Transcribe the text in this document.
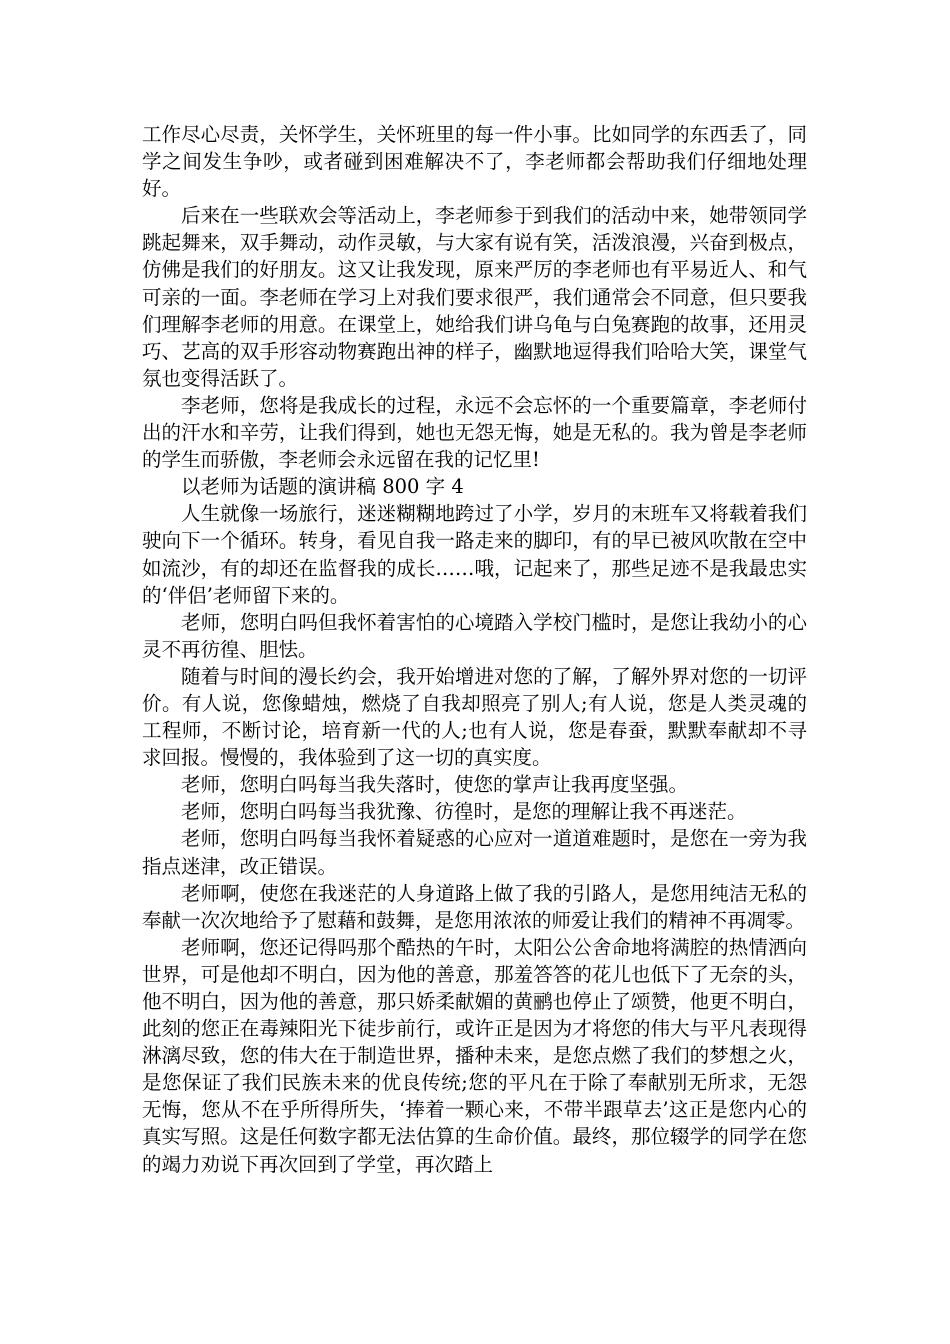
工作尽心尽责，关怀学生，关怀班里的每一件小事。比如同学的东西丢了，同学之间发生争吵，或者碰到困难解决不了，李老师都会帮助我们仔细地处理好。

后来在一些联欢会等活动上，李老师参于到我们的活动中来，她带领同学跳起舞来，双手舞动，动作灵敏，与大家有说有笑，活泼浪漫，兴奋到极点，仿佛是我们的好朋友。这又让我发现，原来严厉的李老师也有平易近人、和气可亲的一面。李老师在学习上对我们要求很严，我们通常会不同意，但只要我们理解李老师的用意。在课堂上，她给我们讲乌龟与白兔赛跑的故事，还用灵巧、艺高的双手形容动物赛跑出神的样子，幽默地逗得我们哈哈大笑，课堂气氛也变得活跃了。

李老师，您将是我成长的过程，永远不会忘怀的一个重要篇章，李老师付出的汗水和辛劳，让我们得到，她也无怨无悔，她是无私的。我为曾是李老师的学生而骄傲，李老师会永远留在我的记忆里!

以老师为话题的演讲稿 800 字 4

人生就像一场旅行，迷迷糊糊地跨过了小学，岁月的末班车又将载着我们驶向下一个循环。转身，看见自我一路走来的脚印，有的早已被风吹散在空中如流沙，有的却还在监督我的成长……哦，记起来了，那些足迹不是我最忠实的‘伴侣’老师留下来的。

老师，您明白吗但我怀着害怕的心境踏入学校门槛时，是您让我幼小的心灵不再彷徨、胆怯。

随着与时间的漫长约会，我开始增进对您的了解，了解外界对您的一切评价。有人说，您像蜡烛，燃烧了自我却照亮了别人;有人说，您是人类灵魂的工程师，不断讨论，培育新一代的人;也有人说，您是春蚕，默默奉献却不寻求回报。慢慢的，我体验到了这一切的真实度。

老师，您明白吗每当我失落时，使您的掌声让我再度坚强。

老师，您明白吗每当我犹豫、彷徨时，是您的理解让我不再迷茫。

老师，您明白吗每当我怀着疑惑的心应对一道道难题时，是您在一旁为我指点迷津，改正错误。

老师啊，使您在我迷茫的人身道路上做了我的引路人，是您用纯洁无私的奉献一次次地给予了慰藉和鼓舞，是您用浓浓的师爱让我们的精神不再凋零。

老师啊，您还记得吗那个酷热的午时，太阳公公舍命地将满腔的热情洒向世界，可是他却不明白，因为他的善意，那羞答答的花儿也低下了无奈的头，他不明白，因为他的善意，那只娇柔献媚的黄鹂也停止了颂赞，他更不明白，此刻的您正在毒辣阳光下徒步前行，或许正是因为才将您的伟大与平凡表现得淋漓尽致，您的伟大在于制造世界，播种未来，是您点燃了我们的梦想之火，是您保证了我们民族未来的优良传统;您的平凡在于除了奉献别无所求，无怨无悔，您从不在乎所得所失，‘捧着一颗心来，不带半跟草去’这正是您内心的真实写照。这是任何数字都无法估算的生命价值。最终，那位辍学的同学在您的竭力劝说下再次回到了学堂，再次踏上
